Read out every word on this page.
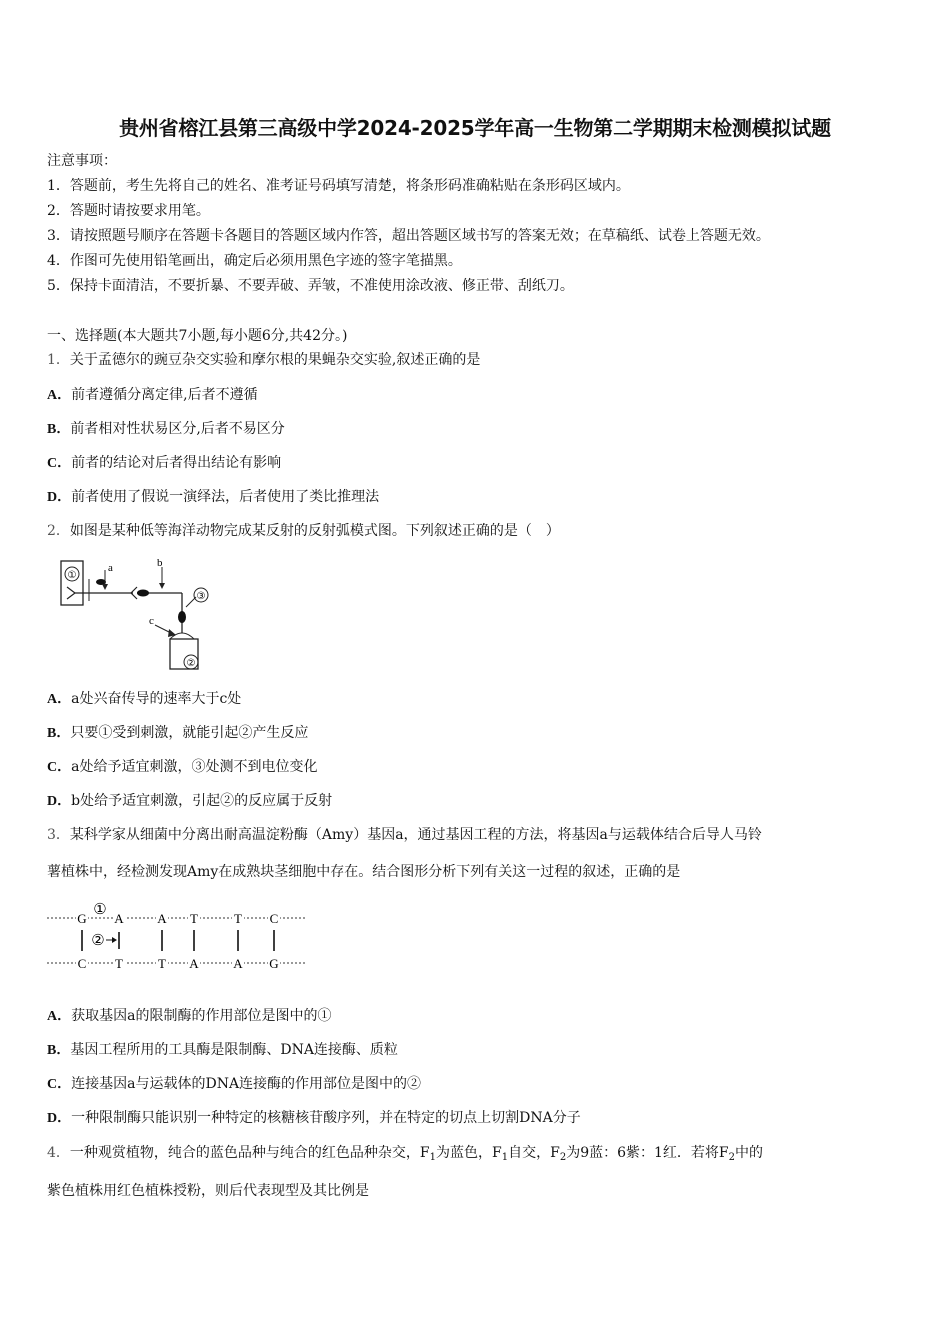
贵州省榕江县第三高级中学2024-2025学年高一生物第二学期期末检测模拟试题
注意事项：
1．答题前，考生先将自己的姓名、准考证号码填写清楚，将条形码准确粘贴在条形码区域内。
2．答题时请按要求用笔。
3．请按照题号顺序在答题卡各题目的答题区域内作答，超出答题区域书写的答案无效；在草稿纸、试卷上答题无效。
4．作图可先使用铅笔画出，确定后必须用黑色字迹的签字笔描黑。
5．保持卡面清洁，不要折暴、不要弄破、弄皱，不准使用涂改液、修正带、刮纸刀。
一、选择题(本大题共7小题,每小题6分,共42分。)
1．关于孟德尔的豌豆杂交实验和摩尔根的果蝇杂交实验,叙述正确的是
A．前者遵循分离定律,后者不遵循
B．前者相对性状易区分,后者不易区分
C．前者的结论对后者得出结论有影响
D．前者使用了假说一演绎法，后者使用了类比推理法
2．如图是某种低等海洋动物完成某反射的反射弧模式图。下列叙述正确的是（　）
①
a	b
③
c
②
A．a处兴奋传导的速率大于c处
B．只要①受到刺激，就能引起②产生反应
C．a处给予适宜刺激，③处测不到电位变化
D．b处给予适宜刺激，引起②的反应属于反射
3．某科学家从细菌中分离出耐高温淀粉酶（Amy）基因a，通过基因工程的方法，将基因a与运载体结合后导人马铃
薯植株中，经检测发现Amy在成熟块茎细胞中存在。结合图形分析下列有关这一过程的叙述，正确的是
G A	A T	T C
C T	T A	A G
①
②
A．获取基因a的限制酶的作用部位是图中的①
B．基因工程所用的工具酶是限制酶、DNA连接酶、质粒
C．连接基因a与运载体的DNA连接酶的作用部位是图中的②
D．一种限制酶只能识别一种特定的核糖核苷酸序列，并在特定的切点上切割DNA分子
4．一种观赏植物，纯合的蓝色品种与纯合的红色品种杂交，$F_1$为蓝色，$F_1$自交，$F_2$为9蓝：6紫：1红．若将$F_2$中的
紫色植株用红色植株授粉，则后代表现型及其比例是
